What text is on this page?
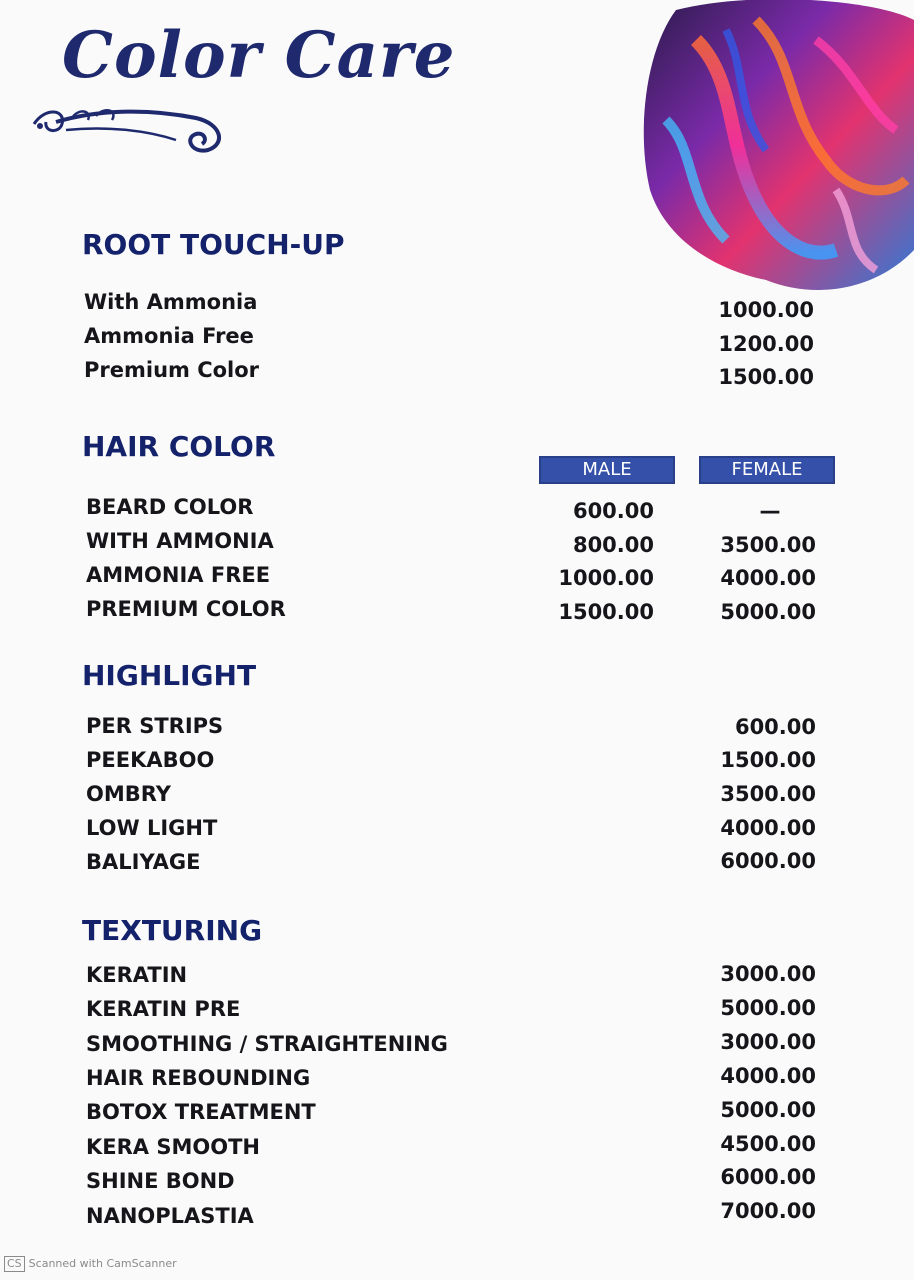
Color Care
ROOT TOUCH-UP
With Ammonia
Ammonia Free
Premium Color
1000.00
1200.00
1500.00
HAIR COLOR
MALE	FEMALE
BEARD COLOR
WITH AMMONIA
AMMONIA FREE
PREMIUM COLOR
600.00
800.00
1000.00
1500.00
—
3500.00
4000.00
5000.00
HIGHLIGHT
PER STRIPS
PEEKABOO
OMBRY
LOW LIGHT
BALIYAGE
600.00
1500.00
3500.00
4000.00
6000.00
TEXTURING
KERATIN
KERATIN PRE
SMOOTHING / STRAIGHTENING
HAIR REBOUNDING
BOTOX TREATMENT
KERA SMOOTH
SHINE BOND
NANOPLASTIA
3000.00
5000.00
3000.00
4000.00
5000.00
4500.00
6000.00
7000.00
CS Scanned with CamScanner
